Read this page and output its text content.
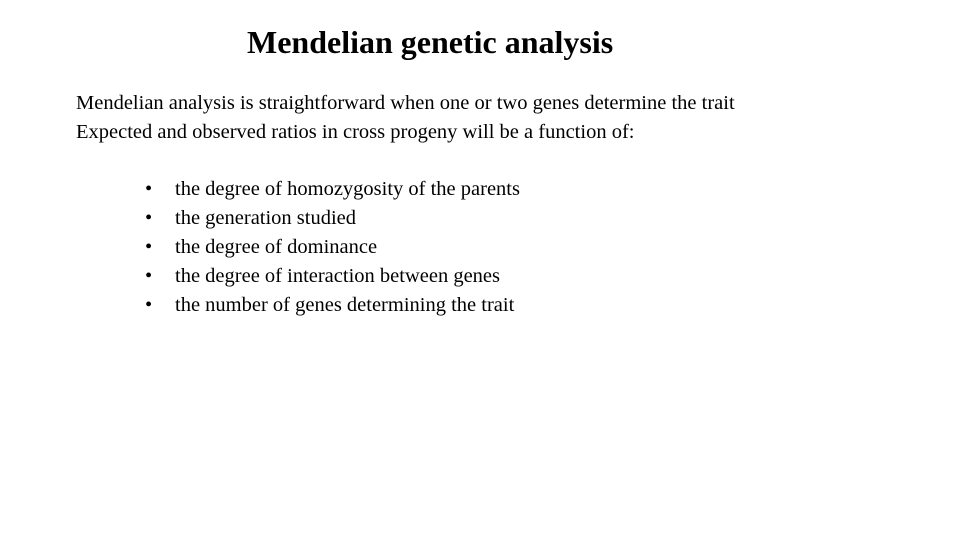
Mendelian genetic analysis
Mendelian analysis is straightforward when one or two genes determine the trait
Expected and observed ratios in cross progeny will be a function of:
•	the degree of homozygosity of the parents
•	the generation studied
•	the degree of dominance
•	the degree of interaction between genes
•	the number of genes determining the trait
